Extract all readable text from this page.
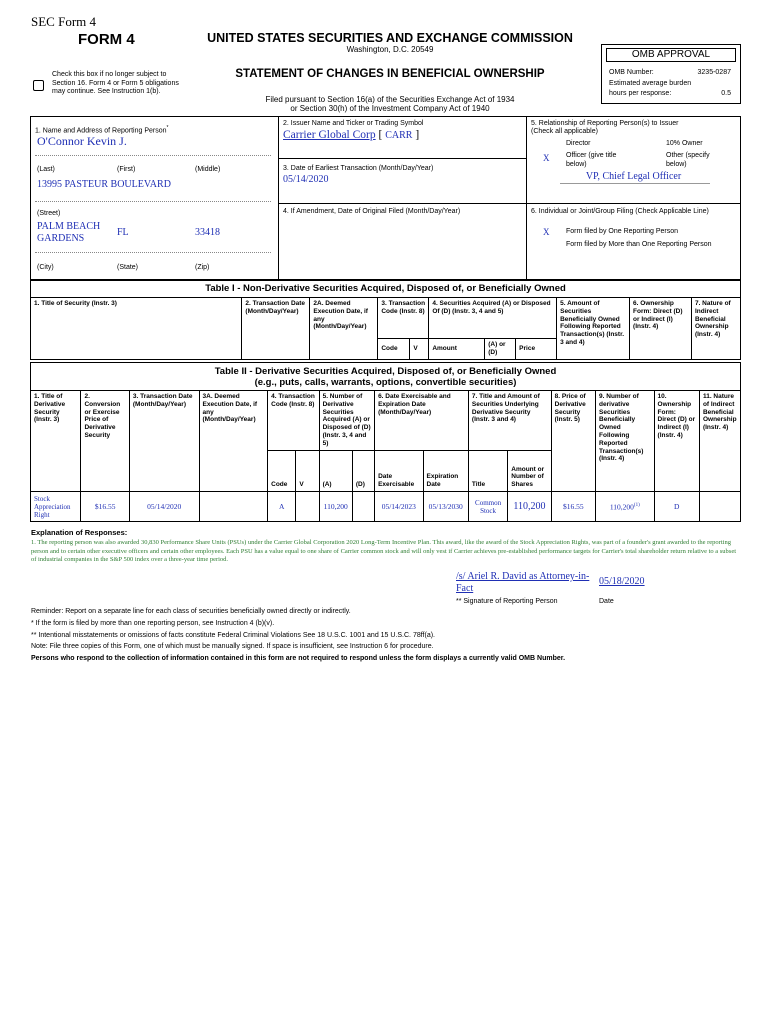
SEC Form 4
FORM 4	UNITED STATES SECURITIES AND EXCHANGE COMMISSION
Washington, D.C. 20549
Check this box if no longer subject to Section 16. Form 4 or Form 5 obligations may continue. See Instruction 1(b).
STATEMENT OF CHANGES IN BENEFICIAL OWNERSHIP
Filed pursuant to Section 16(a) of the Securities Exchange Act of 1934
or Section 30(h) of the Investment Company Act of 1940
OMB APPROVAL
OMB Number:	3235-0287
Estimated average burden
hours per response:	0.5
1. Name and Address of Reporting Person*
O'Connor Kevin J.
(Last)	(First)	(Middle)
13995 PASTEUR BOULEVARD
(Street)
PALM BEACH GARDENS	FL	33418
(City)	(State)	(Zip)
2. Issuer Name and Ticker or Trading Symbol
Carrier Global Corp [ CARR ]
3. Date of Earliest Transaction (Month/Day/Year)
05/14/2020
4. If Amendment, Date of Original Filed (Month/Day/Year)
5. Relationship of Reporting Person(s) to Issuer
(Check all applicable)
Director	10% Owner
X Officer (give title below)
Other (specify below)
VP, Chief Legal Officer
6. Individual or Joint/Group Filing (Check Applicable Line)
X Form filed by One Reporting Person
Form filed by More than One Reporting Person
Table I - Non-Derivative Securities Acquired, Disposed of, or Beneficially Owned
1. Title of Security (Instr. 3)	2. Transaction Date (Month/Day/Year)	2A. Deemed Execution Date, if any (Month/Day/Year)	3. Transaction Code (Instr. 8)		4. Securities Acquired (A) or Disposed Of (D) (Instr. 3, 4 and 5)			5. Amount of Securities Beneficially Owned Following Reported Transaction(s) (Instr. 3 and 4)	6. Ownership Form: Direct (D) or Indirect (I) (Instr. 4)	7. Nature of Indirect Beneficial Ownership (Instr. 4)
			Code	V	Amount	(A) or (D)	Price			
Table II - Derivative Securities Acquired, Disposed of, or Beneficially Owned
(e.g., puts, calls, warrants, options, convertible securities)
1. Title of Derivative Security (Instr. 3)	2. Conversion or Exercise Price of Derivative Security	3. Transaction Date (Month/Day/Year)	3A. Deemed Execution Date, if any (Month/Day/Year)	4. Transaction Code (Instr. 8)		5. Number of Derivative Securities Acquired (A) or Disposed of (D) (Instr. 3, 4 and 5)		6. Date Exercisable and Expiration Date (Month/Day/Year)		7. Title and Amount of Securities Underlying Derivative Security (Instr. 3 and 4)		8. Price of Derivative Security (Instr. 5)	9. Number of derivative Securities Beneficially Owned Following Reported Transaction(s) (Instr. 4)	10. Ownership Form: Direct (D) or Indirect (I) (Instr. 4)	11. Nature of Indirect Beneficial Ownership (Instr. 4)
				Code	V	(A)	(D)	Date Exercisable	Expiration Date	Title	Amount or Number of Shares				
Stock Appreciation Right	$16.55	05/14/2020		A		110,200		05/14/2023	05/13/2030	Common Stock	110,200	$16.55	110,200$^{(1)}$	D	
Explanation of Responses:
1. The reporting person was also awarded 30,830 Performance Share Units (PSUs) under the Carrier Global Corporation 2020 Long-Term Incentive Plan. This award, like the award of the Stock Appreciation Rights, was part of a founder's grant awarded to the reporting person and to certain other executive officers and certain other employees. Each PSU has a value equal to one share of Carrier common stock and will only vest if Carrier achieves pre-established performance targets for Carrier's total shareholder return relative to a subset of industrial companies in the S&P 500 index over a three-year time period.
/s/ Ariel R. David as Attorney-in-Fact
05/18/2020
** Signature of Reporting Person	Date
Reminder: Report on a separate line for each class of securities beneficially owned directly or indirectly.
* If the form is filed by more than one reporting person, see Instruction 4 (b)(v).
** Intentional misstatements or omissions of facts constitute Federal Criminal Violations See 18 U.S.C. 1001 and 15 U.S.C. 78ff(a).
Note: File three copies of this Form, one of which must be manually signed. If space is insufficient, see Instruction 6 for procedure.
Persons who respond to the collection of information contained in this form are not required to respond unless the form displays a currently valid OMB Number.
